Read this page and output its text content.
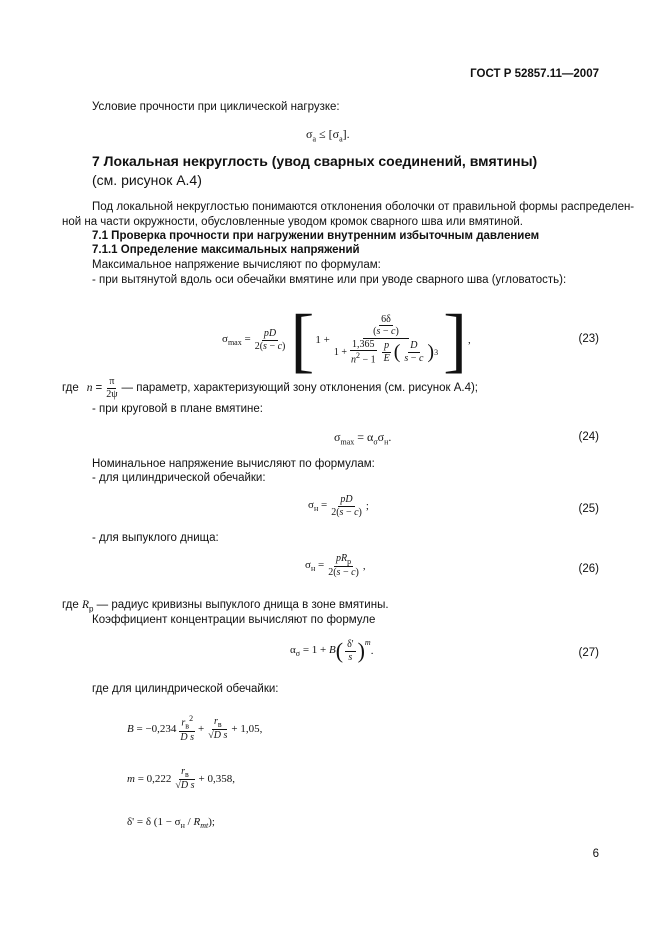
ГОСТ Р 52857.11—2007
Условие прочности при циклической нагрузке:
$\sigma_a \le [\sigma_a]$.
7 Локальная некруглость (увод сварных соединений, вмятины)
(см. рисунок А.4)
Под локальной некруглостью понимаются отклонения оболочки от правильной формы распределен-
ной на части окружности, обусловленные уводом кромок сварного шва или вмятиной.
7.1 Проверка прочности при нагружении внутренним избыточным давлением
7.1.1 Определение максимальных напряжений
Максимальное напряжение вычисляют по формулам:
- при вытянутой вдоль оси обечайки вмятине или при уводе сварного шва (угловатость):
$\sigma_{max} = \frac{pD}{2(s - c)}$ [ $1 + \frac{\frac{6\delta}{(s - c)}}{1 + \frac{1,365}{n^2 - 1} \frac{p}{E} ( \frac{D}{s - c} ) 3}$ ] ,	(23)
где $n = \frac{\pi}{2\psi}$ — параметр, характеризующий зону отклонения (см. рисунок А.4);
- при круговой в плане вмятине:
$\sigma_{max} = \alpha_\sigma\sigma_н$.	(24)
Номинальное напряжение вычисляют по формулам:
- для цилиндрической обечайки:
$\sigma_н = \frac{pD}{2(s - c)}$ ;	(25)
- для выпуклого днища:
$\sigma_н = \frac{pR_p}{2(s - c)}$ ,	(26)
где $R_p$ — радиус кривизны выпуклого днища в зоне вмятины.
Коэффициент концентрации вычисляют по формуле
$\alpha_\sigma = 1 + B$ ( $\frac{\delta'}{s} )^m$
.	(27)
где для цилиндрической обечайки:
$B = -0,234 \frac{r_в^2}{\text{D s}} + \frac{r_в}{\text{√D s}} + 1,05$,
$m = 0,222 \frac{r_в}{\text{√D s}} + 0,358$,
δ' = δ $(1 - \sigma_н / R_{mt})$;
6
